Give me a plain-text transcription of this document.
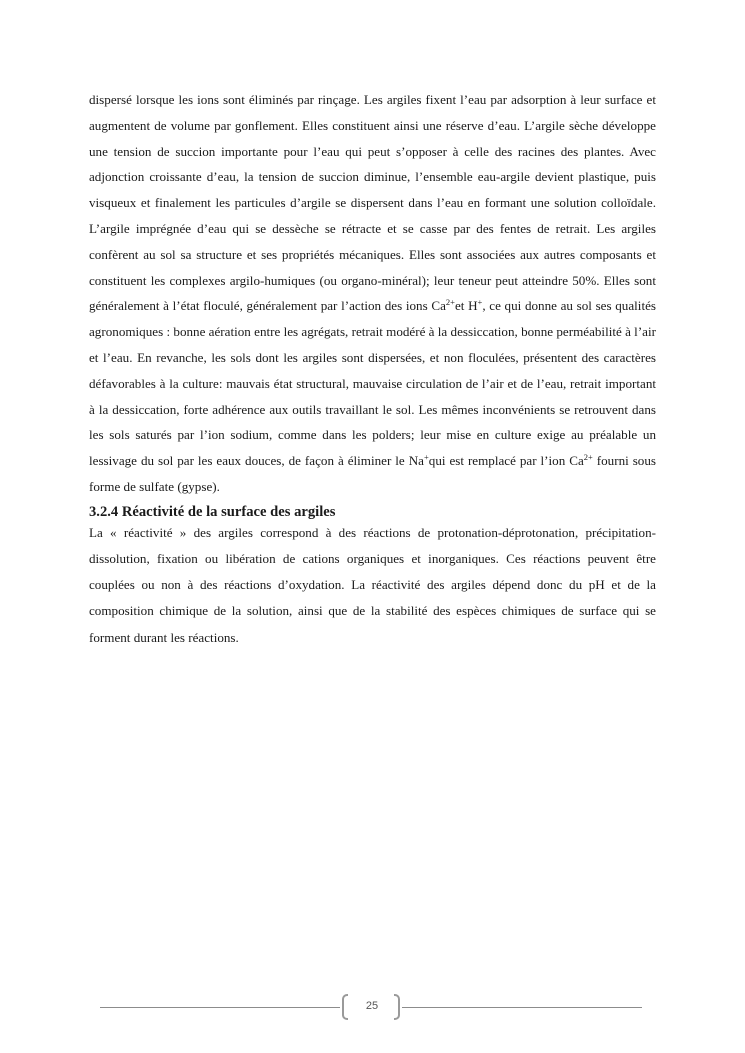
dispersé lorsque les ions sont éliminés par rinçage. Les argiles fixent l’eau par adsorption à leur surface et augmentent de volume par gonflement. Elles constituent ainsi une réserve d’eau. L’argile sèche développe une tension de succion importante pour l’eau qui peut s’opposer à celle des racines des plantes. Avec adjonction croissante d’eau, la tension de succion diminue, l’ensemble eau-argile devient plastique, puis visqueux et finalement les particules d’argile se dispersent dans l’eau en formant une solution colloïdale. L’argile imprégnée d’eau qui se dessèche se rétracte et se casse par des fentes de retrait. Les argiles confèrent au sol sa structure et ses propriétés mécaniques. Elles sont associées aux autres composants et constituent les complexes argilo-humiques (ou organo-minéral); leur teneur peut atteindre 50%. Elles sont généralement à l’état floculé, généralement par l’action des ions $Ca^{2+}et$ H+, ce qui donne au sol ses qualités agronomiques : bonne aération entre les agrégats, retrait modéré à la dessiccation, bonne perméabilité à l’air et l’eau. En revanche, les sols dont les argiles sont dispersées, et non floculées, présentent des caractères défavorables à la culture: mauvais état structural, mauvaise circulation de l’air et de l’eau, retrait important à la dessiccation, forte adhérence aux outils travaillant le sol. Les mêmes inconvénients se retrouvent dans les sols saturés par l’ion sodium, comme dans les polders; leur mise en culture exige au préalable un lessivage du sol par les eaux douces, de façon à éliminer le Na+qui est remplacé par l’ion $Ca^{2+}$ fourni sous forme de sulfate (gypse).

3.2.4 Réactivité de la surface des argiles

La « réactivité » des argiles correspond à des réactions de protonation-déprotonation, précipitation-dissolution, fixation ou libération de cations organiques et inorganiques. Ces réactions peuvent être couplées ou non à des réactions d’oxydation. La réactivité des argiles dépend donc du pH et de la composition chimique de la solution, ainsi que de la stabilité des espèces chimiques de surface qui se forment durant les réactions.

25
